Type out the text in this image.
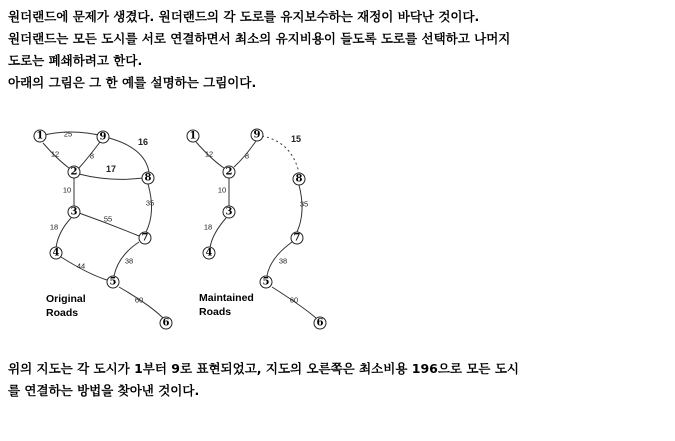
원더랜드에 문제가 생겼다. 원더랜드의 각 도로를 유지보수하는 재정이 바닥난 것이다.
원더랜드는 모든 도시를 서로 연결하면서 최소의 유지비용이 들도록 도로를 선택하고 나머지
도로는 폐쇄하려고 한다.
아래의 그림은 그 한 예를 설명하는 그림이다.
25
12	8
16
17
10
35
55
18
44
38
60
1	9
2
8
3
7
4
5
6
Original
Roads
15
12	8
10
35
18
38
60
1	9
2
8
3
7
4
5
6
Maintained
Roads
위의 지도는 각 도시가 1부터 9로 표현되었고, 지도의 오른쪽은 최소비용 196으로 모든 도시
를 연결하는 방법을 찾아낸 것이다.
